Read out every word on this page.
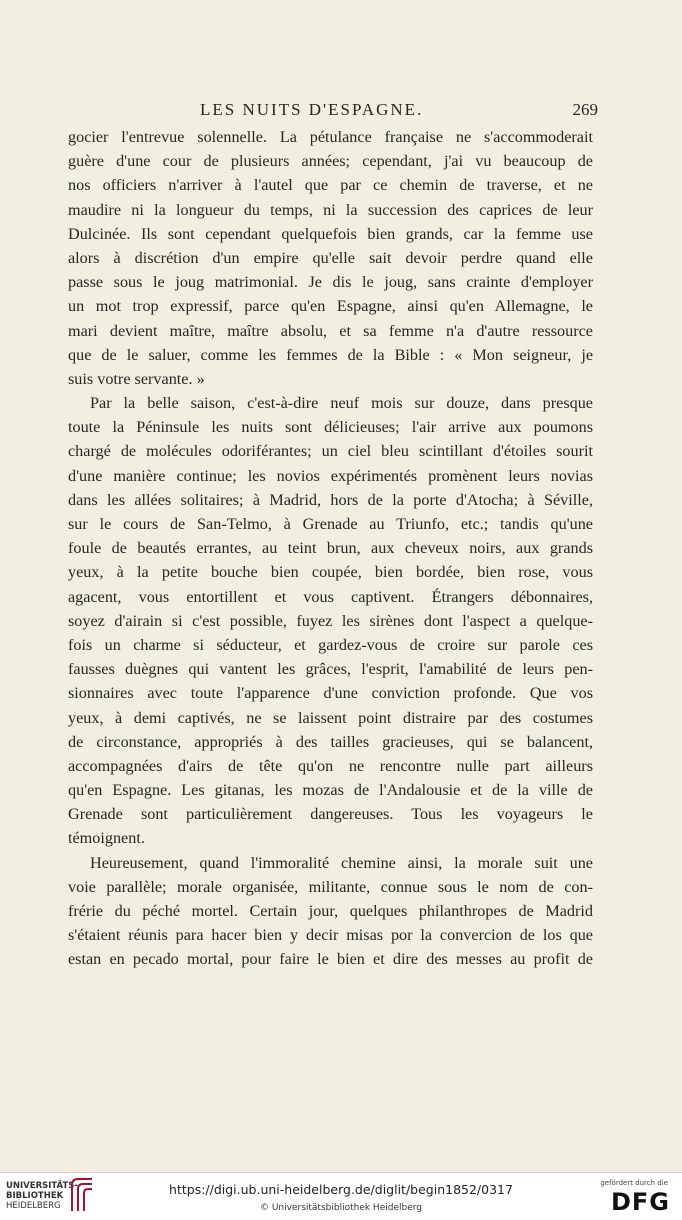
LES NUITS D'ESPAGNE.	269
gocier l'entrevue solennelle. La pétulance française ne s'accommoderait
guère d'une cour de plusieurs années; cependant, j'ai vu beaucoup de
nos officiers n'arriver à l'autel que par ce chemin de traverse, et ne
maudire ni la longueur du temps, ni la succession des caprices de leur
Dulcinée. Ils sont cependant quelquefois bien grands, car la femme use
alors à discrétion d'un empire qu'elle sait devoir perdre quand elle
passe sous le joug matrimonial. Je dis le joug, sans crainte d'employer
un mot trop expressif, parce qu'en Espagne, ainsi qu'en Allemagne, le
mari devient maître, maître absolu, et sa femme n'a d'autre ressource
que de le saluer, comme les femmes de la Bible : « Mon seigneur, je
suis votre servante. »
Par la belle saison, c'est-à-dire neuf mois sur douze, dans presque
toute la Péninsule les nuits sont délicieuses; l'air arrive aux poumons
chargé de molécules odoriférantes; un ciel bleu scintillant d'étoiles sourit
d'une manière continue; les novios expérimentés promènent leurs novias
dans les allées solitaires; à Madrid, hors de la porte d'Atocha; à Séville,
sur le cours de San-Telmo, à Grenade au Triunfo, etc.; tandis qu'une
foule de beautés errantes, au teint brun, aux cheveux noirs, aux grands
yeux, à la petite bouche bien coupée, bien bordée, bien rose, vous
agacent, vous entortillent et vous captivent. Étrangers débonnaires,
soyez d'airain si c'est possible, fuyez les sirènes dont l'aspect a quelque-
fois un charme si séducteur, et gardez-vous de croire sur parole ces
fausses duègnes qui vantent les grâces, l'esprit, l'amabilité de leurs pen-
sionnaires avec toute l'apparence d'une conviction profonde. Que vos
yeux, à demi captivés, ne se laissent point distraire par des costumes
de circonstance, appropriés à des tailles gracieuses, qui se balancent,
accompagnées d'airs de tête qu'on ne rencontre nulle part ailleurs
qu'en Espagne. Les gitanas, les mozas de l'Andalousie et de la ville de
Grenade sont particulièrement dangereuses. Tous les voyageurs le
témoignent.
Heureusement, quand l'immoralité chemine ainsi, la morale suit une
voie parallèle; morale organisée, militante, connue sous le nom de con-
frérie du péché mortel. Certain jour, quelques philanthropes de Madrid
s'étaient réunis para hacer bien y decir misas por la convercion de los que
estan en pecado mortal, pour faire le bien et dire des messes au profit de
UNIVERSITÄTS-
BIBLIOTHEK
HEIDELBERG
https://digi.ub.uni-heidelberg.de/diglit/begin1852/0317
© Universitätsbibliothek Heidelberg
gefördert durch die
DFG
